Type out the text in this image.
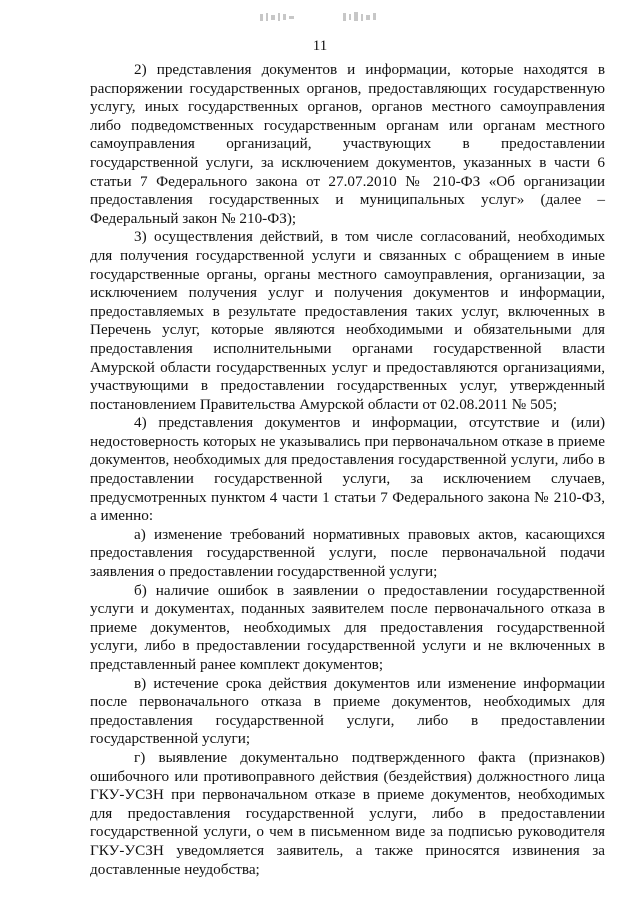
11

2) представления документов и информации, которые находятся в распоряжении государственных органов, предоставляющих государственную услугу, иных государственных органов, органов местного самоуправления либо подведомственных государственным органам или органам местного самоуправления организаций, участвующих в предоставлении государственной услуги, за исключением документов, указанных в части 6 статьи 7 Федерального закона от 27.07.2010 № 210-ФЗ «Об организации предоставления государственных и муниципальных услуг» (далее – Федеральный закон № 210-ФЗ);

3) осуществления действий, в том числе согласований, необходимых для получения государственной услуги и связанных с обращением в иные государственные органы, органы местного самоуправления, организации, за исключением получения услуг и получения документов и информации, предоставляемых в результате предоставления таких услуг, включенных в Перечень услуг, которые являются необходимыми и обязательными для предоставления исполнительными органами государственной власти Амурской области государственных услуг и предоставляются организациями, участвующими в предоставлении государственных услуг, утвержденный постановлением Правительства Амурской области от 02.08.2011 № 505;

4) представления документов и информации, отсутствие и (или) недостоверность которых не указывались при первоначальном отказе в приеме документов, необходимых для предоставления государственной услуги, либо в предоставлении государственной услуги, за исключением случаев, предусмотренных пунктом 4 части 1 статьи 7 Федерального закона № 210-ФЗ, а именно:

а) изменение требований нормативных правовых актов, касающихся предоставления государственной услуги, после первоначальной подачи заявления о предоставлении государственной услуги;

б) наличие ошибок в заявлении о предоставлении государственной услуги и документах, поданных заявителем после первоначального отказа в приеме документов, необходимых для предоставления государственной услуги, либо в предоставлении государственной услуги и не включенных в представленный ранее комплект документов;

в) истечение срока действия документов или изменение информации после первоначального отказа в приеме документов, необходимых для предоставления государственной услуги, либо в предоставлении государственной услуги;

г) выявление документально подтвержденного факта (признаков) ошибочного или противоправного действия (бездействия) должностного лица ГКУ-УСЗН при первоначальном отказе в приеме документов, необходимых для предоставления государственной услуги, либо в предоставлении государственной услуги, о чем в письменном виде за подписью руководителя ГКУ-УСЗН уведомляется заявитель, а также приносятся извинения за доставленные неудобства;
